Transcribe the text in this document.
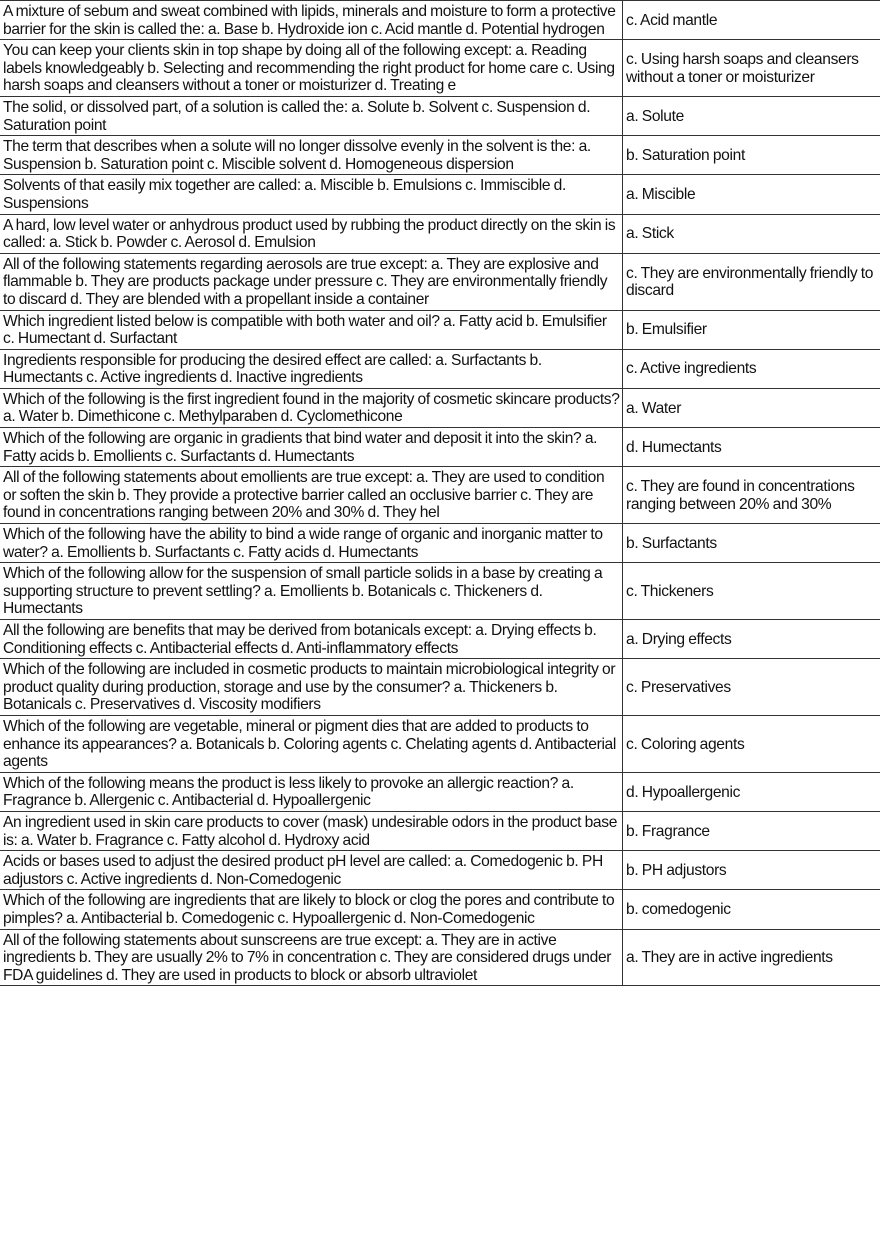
A mixture of sebum and sweat combined with lipids, minerals and moisture to form a protective barrier for the skin is called the: a. Base b. Hydroxide ion c. Acid mantle d. Potential hydrogen	c. Acid mantle
You can keep your clients skin in top shape by doing all of the following except: a. Reading labels knowledgeably b. Selecting and recommending the right product for home care c. Using harsh soaps and cleansers without a toner or moisturizer d. Treating e	c. Using harsh soaps and cleansers without a toner or moisturizer
The solid, or dissolved part, of a solution is called the: a. Solute b. Solvent c. Suspension d. Saturation point	a. Solute
The term that describes when a solute will no longer dissolve evenly in the solvent is the: a. Suspension b. Saturation point c. Miscible solvent d. Homogeneous dispersion	b. Saturation point
Solvents of that easily mix together are called: a. Miscible b. Emulsions c. Immiscible d. Suspensions	a. Miscible
A hard, low level water or anhydrous product used by rubbing the product directly on the skin is called: a. Stick b. Powder c. Aerosol d. Emulsion	a. Stick
All of the following statements regarding aerosols are true except: a. They are explosive and flammable b. They are products package under pressure c. They are environmentally friendly to discard d. They are blended with a propellant inside a container	c. They are environmentally friendly to discard
Which ingredient listed below is compatible with both water and oil? a. Fatty acid b. Emulsifier c. Humectant d. Surfactant	b. Emulsifier
Ingredients responsible for producing the desired effect are called: a. Surfactants b. Humectants c. Active ingredients d. Inactive ingredients	c. Active ingredients
Which of the following is the first ingredient found in the majority of cosmetic skincare products? a. Water b. Dimethicone c. Methylparaben d. Cyclomethicone	a. Water
Which of the following are organic in gradients that bind water and deposit it into the skin? a. Fatty acids b. Emollients c. Surfactants d. Humectants	d. Humectants
All of the following statements about emollients are true except: a. They are used to condition or soften the skin b. They provide a protective barrier called an occlusive barrier c. They are found in concentrations ranging between 20% and 30% d. They hel	c. They are found in concentrations ranging between 20% and 30%
Which of the following have the ability to bind a wide range of organic and inorganic matter to water? a. Emollients b. Surfactants c. Fatty acids d. Humectants	b. Surfactants
Which of the following allow for the suspension of small particle solids in a base by creating a supporting structure to prevent settling? a. Emollients b. Botanicals c. Thickeners d. Humectants	c. Thickeners
All the following are benefits that may be derived from botanicals except: a. Drying effects b. Conditioning effects c. Antibacterial effects d. Anti-inflammatory effects	a. Drying effects
Which of the following are included in cosmetic products to maintain microbiological integrity or product quality during production, storage and use by the consumer? a. Thickeners b. Botanicals c. Preservatives d. Viscosity modifiers	c. Preservatives
Which of the following are vegetable, mineral or pigment dies that are added to products to enhance its appearances? a. Botanicals b. Coloring agents c. Chelating agents d. Antibacterial agents	c. Coloring agents
Which of the following means the product is less likely to provoke an allergic reaction? a. Fragrance b. Allergenic c. Antibacterial d. Hypoallergenic	d. Hypoallergenic
An ingredient used in skin care products to cover (mask) undesirable odors in the product base is: a. Water b. Fragrance c. Fatty alcohol d. Hydroxy acid	b. Fragrance
Acids or bases used to adjust the desired product pH level are called: a. Comedogenic b. PH adjustors c. Active ingredients d. Non-Comedogenic	b. PH adjustors
Which of the following are ingredients that are likely to block or clog the pores and contribute to pimples? a. Antibacterial b. Comedogenic c. Hypoallergenic d. Non-Comedogenic	b. comedogenic
All of the following statements about sunscreens are true except: a. They are in active ingredients b. They are usually 2% to 7% in concentration c. They are considered drugs under FDA guidelines d. They are used in products to block or absorb ultraviolet	a. They are in active ingredients
